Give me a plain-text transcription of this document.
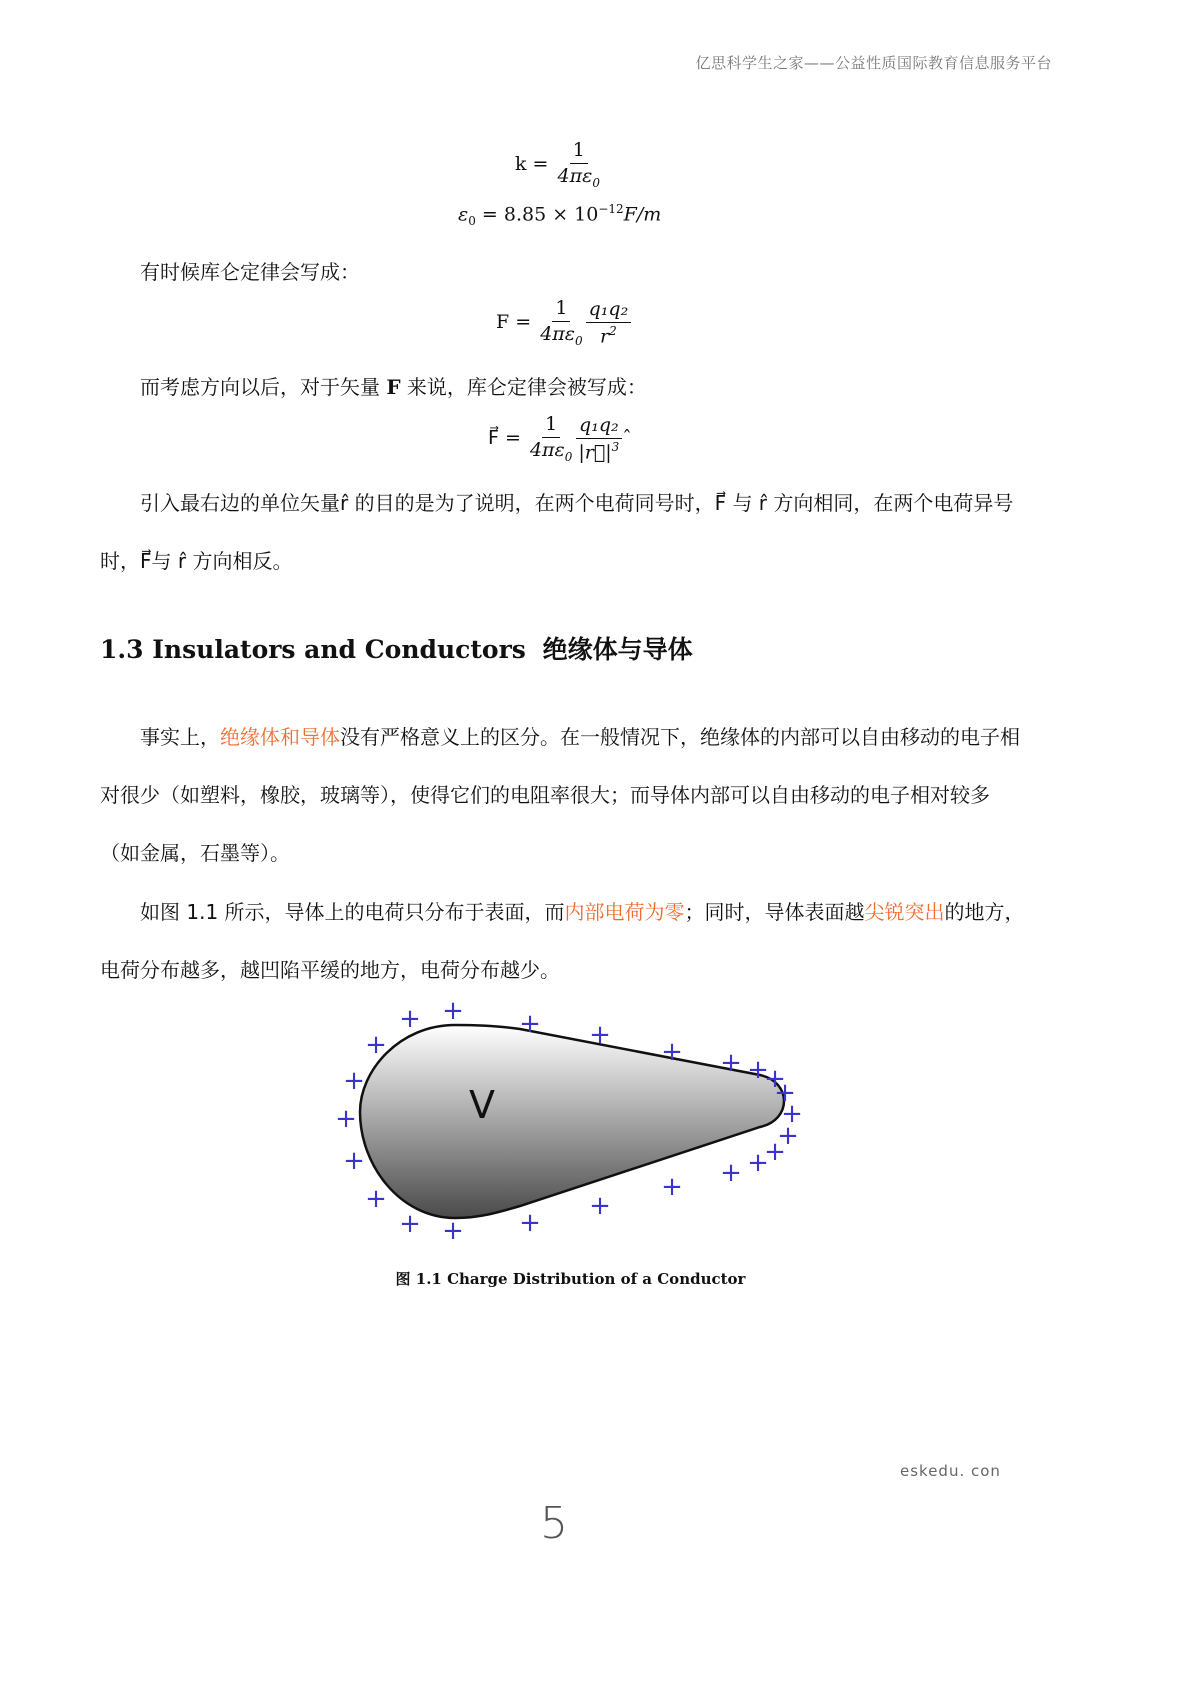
亿思科学生之家——公益性质国际教育信息服务平台
$k = \frac{1}{4\pi\varepsilon_0}$
$\varepsilon_0 = 8.85 \times 10^{-12}F/m$
有时候库仑定律会写成：
$F = \frac{1}{4\pi\varepsilon_0} \frac{\text{q₁q₂}}{r^2}$
而考虑方向以后，对于矢量 F 来说，库仑定律会被写成：
F⃗ = $\frac{1}{4\pi\varepsilon_0} \frac{\text{q₁q₂}}{|r⃗|^3}$ ˆ
引入最右边的单位矢量r̂ 的目的是为了说明，在两个电荷同号时，F⃗ 与 r̂ 方向相同，在两个电荷异号
时，F⃗与 r̂ 方向相反。
1.3 Insulators and Conductors 绝缘体与导体
事实上，绝缘体和导体没有严格意义上的区分。在一般情况下，绝缘体的内部可以自由移动的电子相
对很少（如塑料，橡胶，玻璃等），使得它们的电阻率很大；而导体内部可以自由移动的电子相对较多
（如金属，石墨等）。
如图 1.1 所示，导体上的电荷只分布于表面，而内部电荷为零；同时，导体表面越尖锐突出的地方，
电荷分布越多，越凹陷平缓的地方，电荷分布越少。
V
+
+
+
+
+
+
+
+ +
+ +
+ + +
+
+
+
+
+
+
+
+
+
+
图 1.1 Charge Distribution of a Conductor
eskedu. con
5
